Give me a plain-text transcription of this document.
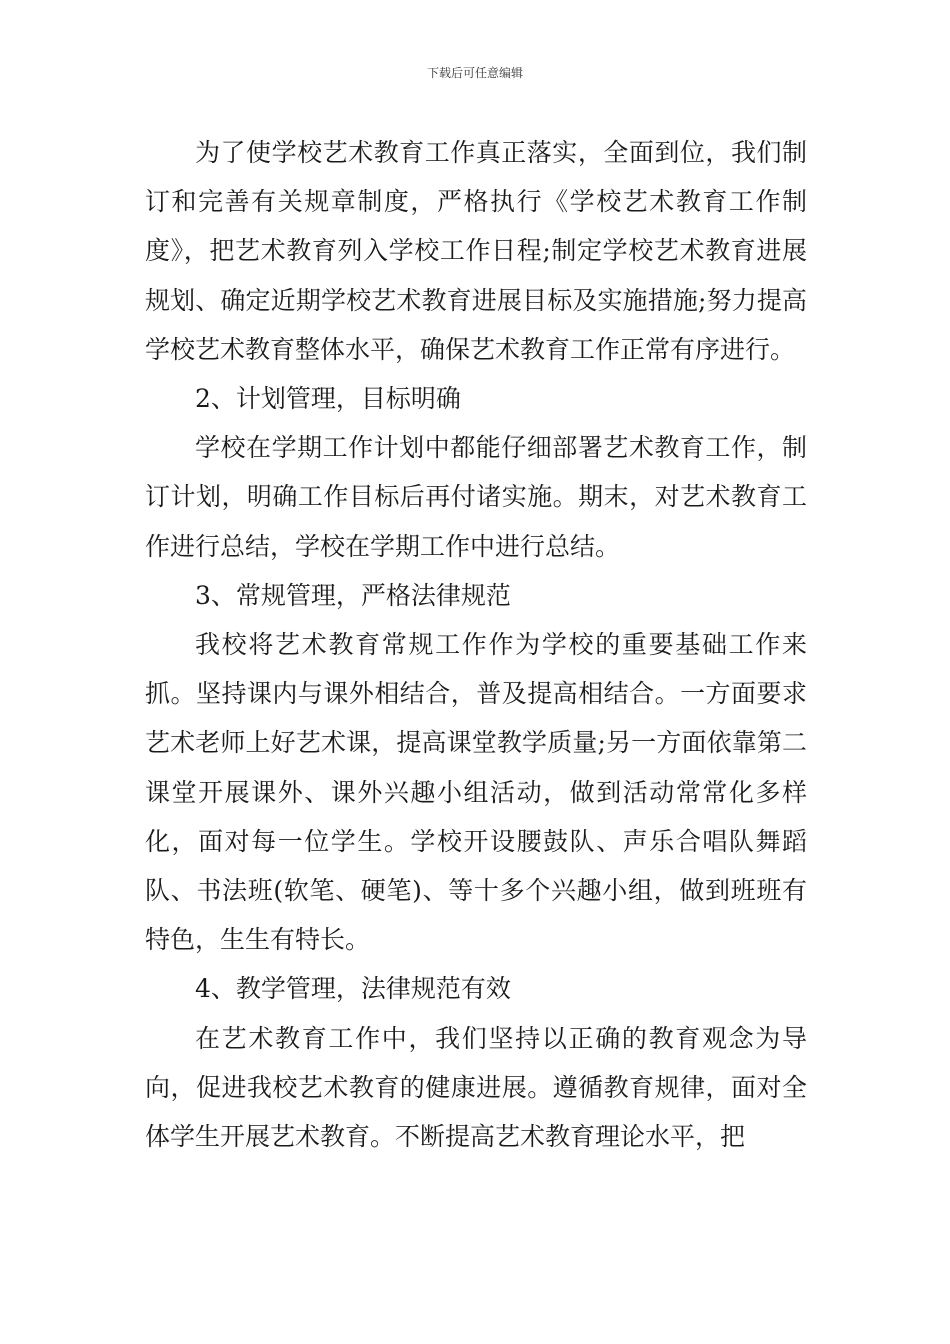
下载后可任意编辑

为了使学校艺术教育工作真正落实，全面到位，我们制订和完善有关规章制度，严格执行《学校艺术教育工作制度》，把艺术教育列入学校工作日程;制定学校艺术教育进展规划、确定近期学校艺术教育进展目标及实施措施;努力提高学校艺术教育整体水平，确保艺术教育工作正常有序进行。

2、计划管理，目标明确

学校在学期工作计划中都能仔细部署艺术教育工作，制订计划，明确工作目标后再付诸实施。期末，对艺术教育工作进行总结，学校在学期工作中进行总结。

3、常规管理，严格法律规范

我校将艺术教育常规工作作为学校的重要基础工作来抓。坚持课内与课外相结合，普及提高相结合。一方面要求艺术老师上好艺术课，提高课堂教学质量;另一方面依靠第二课堂开展课外、课外兴趣小组活动，做到活动常常化多样化，面对每一位学生。学校开设腰鼓队、声乐合唱队舞蹈队、书法班(软笔、硬笔)、等十多个兴趣小组，做到班班有特色，生生有特长。

4、教学管理，法律规范有效

在艺术教育工作中，我们坚持以正确的教育观念为导向，促进我校艺术教育的健康进展。遵循教育规律，面对全体学生开展艺术教育。不断提高艺术教育理论水平，把
